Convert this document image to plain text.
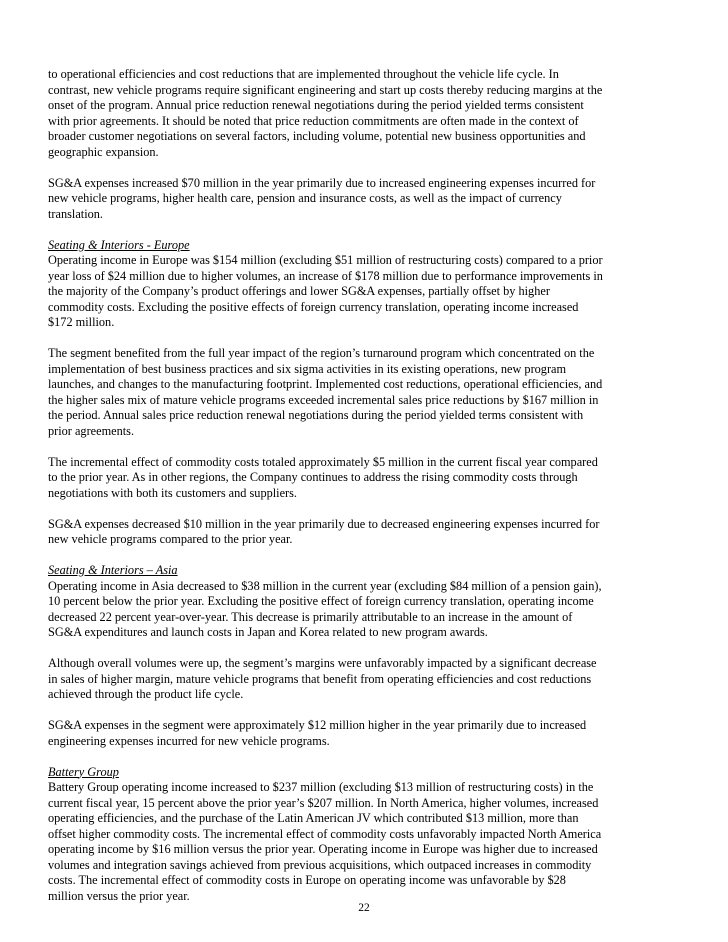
to operational efficiencies and cost reductions that are implemented throughout the vehicle life cycle. In
contrast, new vehicle programs require significant engineering and start up costs thereby reducing margins at the
onset of the program. Annual price reduction renewal negotiations during the period yielded terms consistent
with prior agreements. It should be noted that price reduction commitments are often made in the context of
broader customer negotiations on several factors, including volume, potential new business opportunities and
geographic expansion.
SG&A expenses increased $70 million in the year primarily due to increased engineering expenses incurred for
new vehicle programs, higher health care, pension and insurance costs, as well as the impact of currency
translation.
Seating & Interiors - Europe
Operating income in Europe was $154 million (excluding $51 million of restructuring costs) compared to a prior
year loss of $24 million due to higher volumes, an increase of $178 million due to performance improvements in
the majority of the Company’s product offerings and lower SG&A expenses, partially offset by higher
commodity costs. Excluding the positive effects of foreign currency translation, operating income increased
$172 million.
The segment benefited from the full year impact of the region’s turnaround program which concentrated on the
implementation of best business practices and six sigma activities in its existing operations, new program
launches, and changes to the manufacturing footprint. Implemented cost reductions, operational efficiencies, and
the higher sales mix of mature vehicle programs exceeded incremental sales price reductions by $167 million in
the period. Annual sales price reduction renewal negotiations during the period yielded terms consistent with
prior agreements.
The incremental effect of commodity costs totaled approximately $5 million in the current fiscal year compared
to the prior year. As in other regions, the Company continues to address the rising commodity costs through
negotiations with both its customers and suppliers.
SG&A expenses decreased $10 million in the year primarily due to decreased engineering expenses incurred for
new vehicle programs compared to the prior year.
Seating & Interiors – Asia
Operating income in Asia decreased to $38 million in the current year (excluding $84 million of a pension gain),
10 percent below the prior year. Excluding the positive effect of foreign currency translation, operating income
decreased 22 percent year-over-year. This decrease is primarily attributable to an increase in the amount of
SG&A expenditures and launch costs in Japan and Korea related to new program awards.
Although overall volumes were up, the segment’s margins were unfavorably impacted by a significant decrease
in sales of higher margin, mature vehicle programs that benefit from operating efficiencies and cost reductions
achieved through the product life cycle.
SG&A expenses in the segment were approximately $12 million higher in the year primarily due to increased
engineering expenses incurred for new vehicle programs.
Battery Group
Battery Group operating income increased to $237 million (excluding $13 million of restructuring costs) in the
current fiscal year, 15 percent above the prior year’s $207 million. In North America, higher volumes, increased
operating efficiencies, and the purchase of the Latin American JV which contributed $13 million, more than
offset higher commodity costs. The incremental effect of commodity costs unfavorably impacted North America
operating income by $16 million versus the prior year. Operating income in Europe was higher due to increased
volumes and integration savings achieved from previous acquisitions, which outpaced increases in commodity
costs. The incremental effect of commodity costs in Europe on operating income was unfavorable by $28
million versus the prior year.
22
